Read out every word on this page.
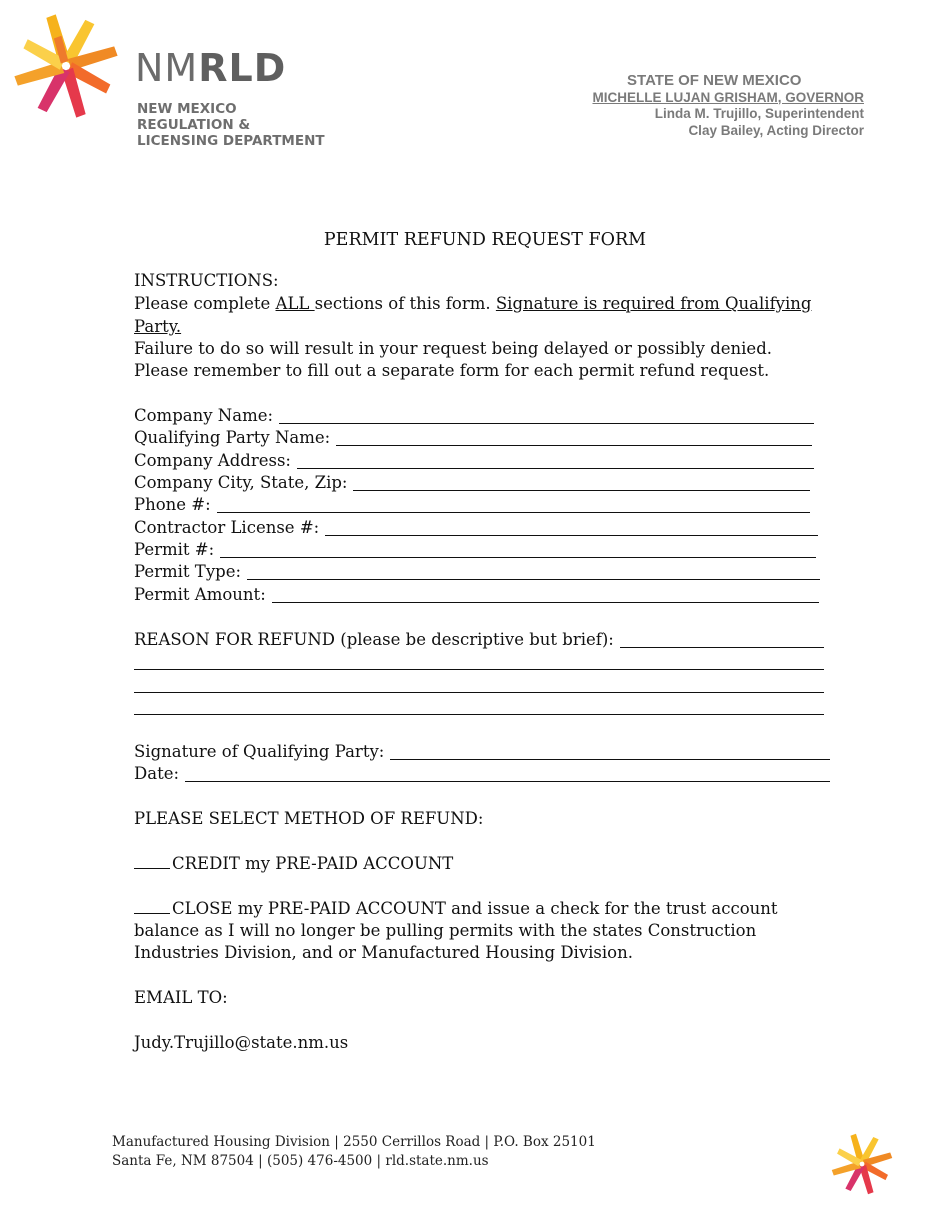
NMRLD
NEW MEXICO
REGULATION &
LICENSING DEPARTMENT
STATE OF NEW MEXICO
MICHELLE LUJAN GRISHAM, GOVERNOR
Linda M. Trujillo, Superintendent
Clay Bailey, Acting Director
PERMIT REFUND REQUEST FORM
INSTRUCTIONS:
Please complete ALL sections of this form. Signature is required from Qualifying
Party.
Failure to do so will result in your request being delayed or possibly denied.
Please remember to fill out a separate form for each permit refund request.
Company Name:
Qualifying Party Name:
Company Address:
Company City, State, Zip:
Phone #:
Contractor License #:
Permit #:
Permit Type:
Permit Amount:
REASON FOR REFUND (please be descriptive but brief):
Signature of Qualifying Party:
Date:
PLEASE SELECT METHOD OF REFUND:
CREDIT my PRE-PAID ACCOUNT
CLOSE my PRE-PAID ACCOUNT and issue a check for the trust account
balance as I will no longer be pulling permits with the states Construction
Industries Division, and or Manufactured Housing Division.
EMAIL TO:
Judy.Trujillo@state.nm.us
Manufactured Housing Division | 2550 Cerrillos Road | P.O. Box 25101
Santa Fe, NM 87504 | (505) 476-4500 | rld.state.nm.us
